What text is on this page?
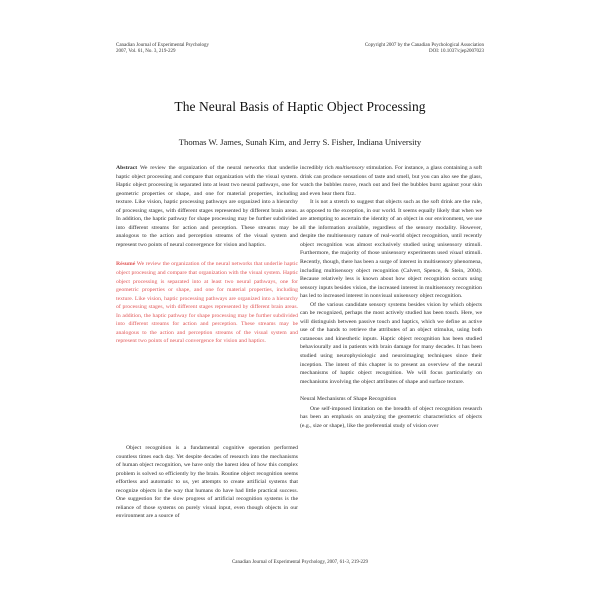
Canadian Journal of Experimental Psychology
2007, Vol. 61, No. 3, 219-229
Copyright 2007 by the Canadian Psychological Association
DOI: 10.1037/cjep2007023
The Neural Basis of Haptic Object Processing
Thomas W. James, Sunah Kim, and Jerry S. Fisher, Indiana University

Abstract We review the organization of the neural networks that underlie haptic object processing and compare that organization with the visual system. Haptic object processing is separated into at least two neural pathways, one for geometric properties or shape, and one for material properties, including texture. Like vision, haptic processing pathways are organized into a hierarchy of processing stages, with different stages represented by different brain areas. In addition, the haptic pathway for shape processing may be further subdivided into different streams for action and perception. These streams may be analogous to the action and perception streams of the visual system and represent two points of neural convergence for vision and haptics.

Résumé We review the organization of the neural networks that underlie haptic object processing and compare that organization with the visual system. Haptic object processing is separated into at least two neural pathways, one for geometric properties or shape, and one for material properties, including texture. Like vision, haptic processing pathways are organized into a hierarchy of processing stages, with different stages represented by different brain areas. In addition, the haptic pathway for shape processing may be further subdivided into different streams for action and perception. These streams may be analogous to the action and perception streams of the visual system and represent two points of neural convergence for vision and haptics.

Object recognition is a fundamental cognitive operation performed countless times each day. Yet despite decades of research into the mechanisms of human object recognition, we have only the barest idea of how this complex problem is solved so efficiently by the brain. Routine object recognition seems effortless and automatic to us, yet attempts to create artificial systems that recognize objects in the way that humans do have had little practical success. One suggestion for the slow progress of artificial recognition systems is the reliance of those systems on purely visual input, even though objects in our environment are a source of

incredibly rich multisensory stimulation. For instance, a glass containing a soft drink can produce sensations of taste and smell, but you can also see the glass, watch the bubbles move, reach out and feel the bubbles burst against your skin and even hear them fizz.

It is not a stretch to suggest that objects such as the soft drink are the rule, as opposed to the exception, in our world. It seems equally likely that when we are attempting to ascertain the identity of an object in our environment, we use all the information available, regardless of the sensory modality. However, despite the multisensory nature of real-world object recognition, until recently object recognition was almost exclusively studied using unisensory stimuli. Furthermore, the majority of those unisensory experiments used visual stimuli. Recently, though, there has been a surge of interest in multisensory phenomena, including multisensory object recognition (Calvert, Spence, & Stein, 2004). Because relatively less is known about how object recognition occurs using sensory inputs besides vision, the increased interest in multisensory recognition has led to increased interest in nonvisual unisensory object recognition.

Of the various candidate sensory systems besides vision by which objects can be recognized, perhaps the most actively studied has been touch. Here, we will distinguish between passive touch and haptics, which we define as active use of the hands to retrieve the attributes of an object stimulus, using both cutaneous and kinesthetic inputs. Haptic object recognition has been studied behaviourally and in patients with brain damage for many decades. It has been studied using neurophysiologic and neuroimaging techniques since their inception. The intent of this chapter is to present an overview of the neural mechanisms of haptic object recognition. We will focus particularly on mechanisms involving the object attributes of shape and surface texture.

Neural Mechanisms of Shape Recognition

One self-imposed limitation on the breadth of object recognition research has been an emphasis on analyzing the geometric characteristics of objects (e.g., size or shape), like the preferential study of vision over

Canadian Journal of Experimental Psychology, 2007, 61-3, 219-229
